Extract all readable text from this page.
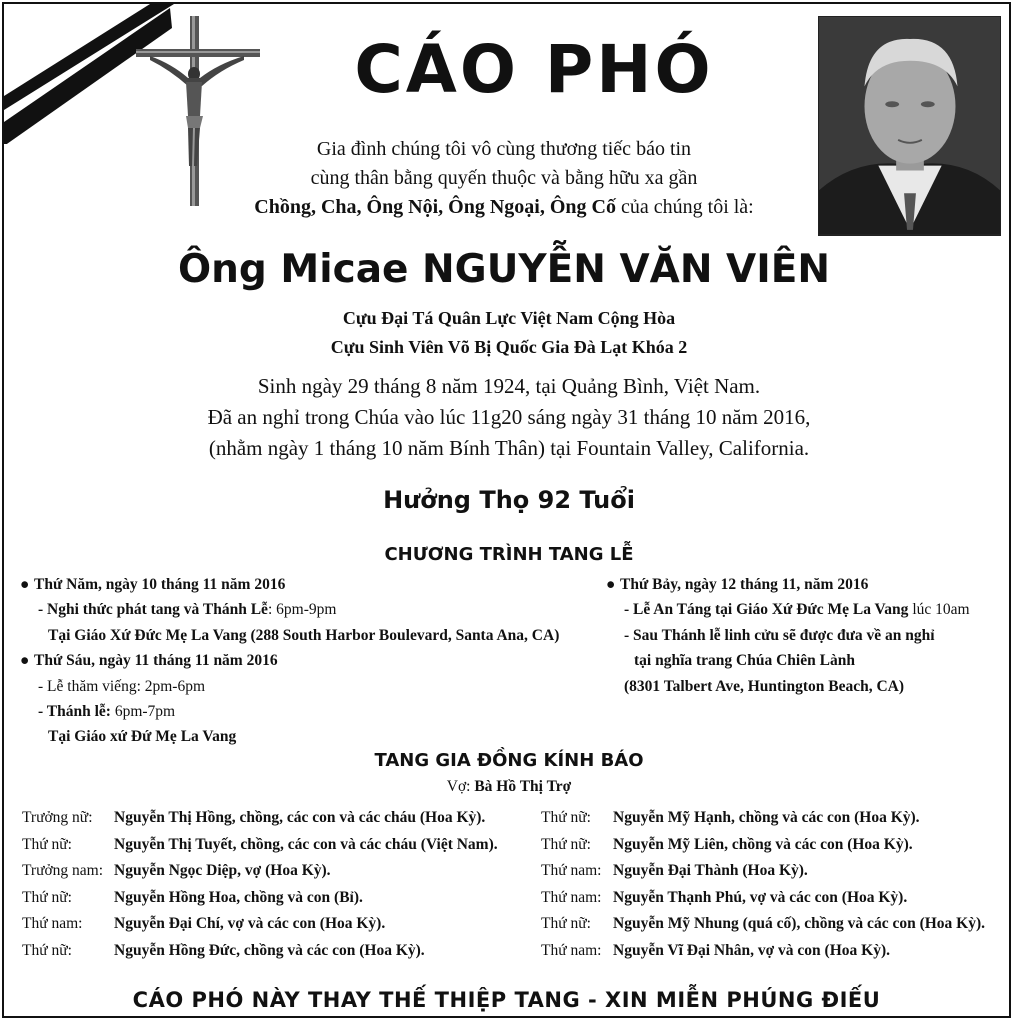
CÁO PHÓ
Gia đình chúng tôi vô cùng thương tiếc báo tin
cùng thân bằng quyến thuộc và bằng hữu xa gần
Chồng, Cha, Ông Nội, Ông Ngoại, Ông Cố của chúng tôi là:
Ông Micae NGUYỄN VĂN VIÊN
Cựu Đại Tá Quân Lực Việt Nam Cộng Hòa
Cựu Sinh Viên Võ Bị Quốc Gia Đà Lạt Khóa 2
Sinh ngày 29 tháng 8 năm 1924, tại Quảng Bình, Việt Nam.
Đã an nghỉ trong Chúa vào lúc 11g20 sáng ngày 31 tháng 10 năm 2016,
(nhằm ngày 1 tháng 10 năm Bính Thân) tại Fountain Valley, California.
Hưởng Thọ 92 Tuổi
CHƯƠNG TRÌNH TANG LỄ
● Thứ Năm, ngày 10 tháng 11 năm 2016
- Nghi thức phát tang và Thánh Lễ: 6pm-9pm
Tại Giáo Xứ Đức Mẹ La Vang (288 South Harbor Boulevard, Santa Ana, CA)
● Thứ Sáu, ngày 11 tháng 11 năm 2016
- Lễ thăm viếng: 2pm-6pm
- Thánh lễ: 6pm-7pm
Tại Giáo xứ Đứ Mẹ La Vang
● Thứ Bảy, ngày 12 tháng 11, năm 2016
- Lễ An Táng tại Giáo Xứ Đức Mẹ La Vang lúc 10am
- Sau Thánh lễ linh cửu sẽ được đưa về an nghỉ
tại nghĩa trang Chúa Chiên Lành
(8301 Talbert Ave, Huntington Beach, CA)
TANG GIA ĐỒNG KÍNH BÁO
Vợ: Bà Hồ Thị Trợ
Trưởng nữ:	Nguyễn Thị Hồng, chồng, các con và các cháu (Hoa Kỳ).
Thứ nữ:	Nguyễn Thị Tuyết, chồng, các con và các cháu (Việt Nam).
Trưởng nam: Nguyễn Ngọc Diệp, vợ (Hoa Kỳ).
Thứ nữ:	Nguyễn Hồng Hoa, chồng và con (Bỉ).
Thứ nam:	Nguyễn Đại Chí, vợ và các con (Hoa Kỳ).
Thứ nữ:	Nguyễn Hồng Đức, chồng và các con (Hoa Kỳ).
Thứ nữ:	Nguyễn Mỹ Hạnh, chồng và các con (Hoa Kỳ).
Thứ nữ:	Nguyễn Mỹ Liên, chồng và các con (Hoa Kỳ).
Thứ nam: Nguyễn Đại Thành (Hoa Kỳ).
Thứ nam: Nguyễn Thạnh Phú, vợ và các con (Hoa Kỳ).
Thứ nữ:	Nguyễn Mỹ Nhung (quá cố), chồng và các con (Hoa Kỳ).
Thứ nam: Nguyễn Vĩ Đại Nhân, vợ và con (Hoa Kỳ).
CÁO PHÓ NÀY THAY THẾ THIỆP TANG - XIN MIỄN PHÚNG ĐIẾU
